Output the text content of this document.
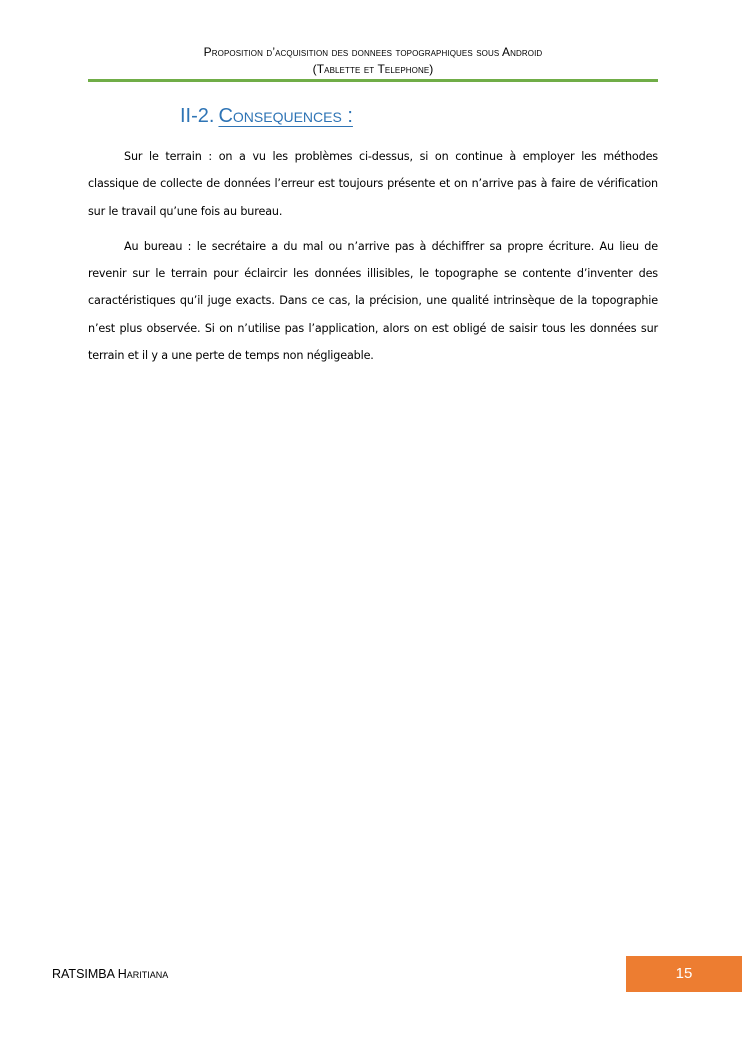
Proposition d’acquisition des donnees topographiques sous Android
(Tablette et Telephone)
II-2. Consequences :

Sur le terrain : on a vu les problèmes ci-dessus, si on continue à employer les méthodes classique de collecte de données l’erreur est toujours présente et on n’arrive pas à faire de vérification sur le travail qu’une fois au bureau.

Au bureau : le secrétaire a du mal ou n’arrive pas à déchiffrer sa propre écriture. Au lieu de revenir sur le terrain pour éclaircir les données illisibles, le topographe se contente d’inventer des caractéristiques qu’il juge exacts. Dans ce cas, la précision, une qualité intrinsèque de la topographie n’est plus observée. Si on n’utilise pas l’application, alors on est obligé de saisir tous les données sur terrain et il y a une perte de temps non négligeable.

RATSIMBA Haritiana	15
